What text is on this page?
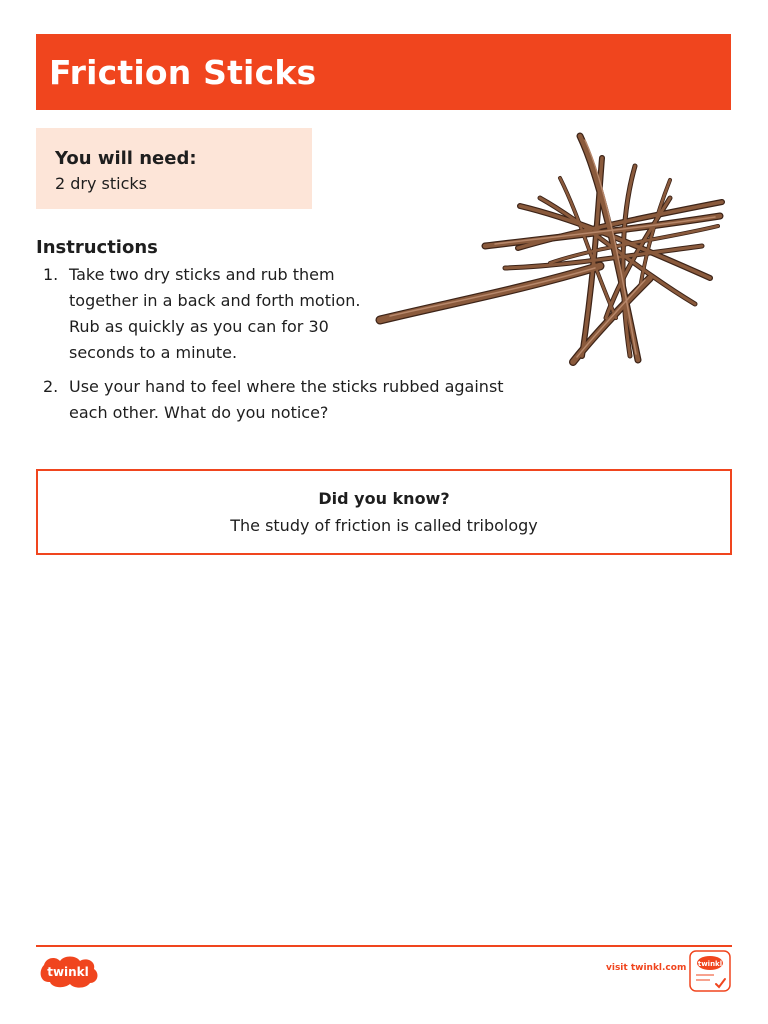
Friction Sticks
You will need:
2 dry sticks
Instructions
1. Take two dry sticks and rub them together in a back and forth motion. Rub as quickly as you can for 30 seconds to a minute.
2. Use your hand to feel where the sticks rubbed against each other. What do you notice?
Did you know?
The study of friction is called tribology
twinkl	visit twinkl.com twinkl
